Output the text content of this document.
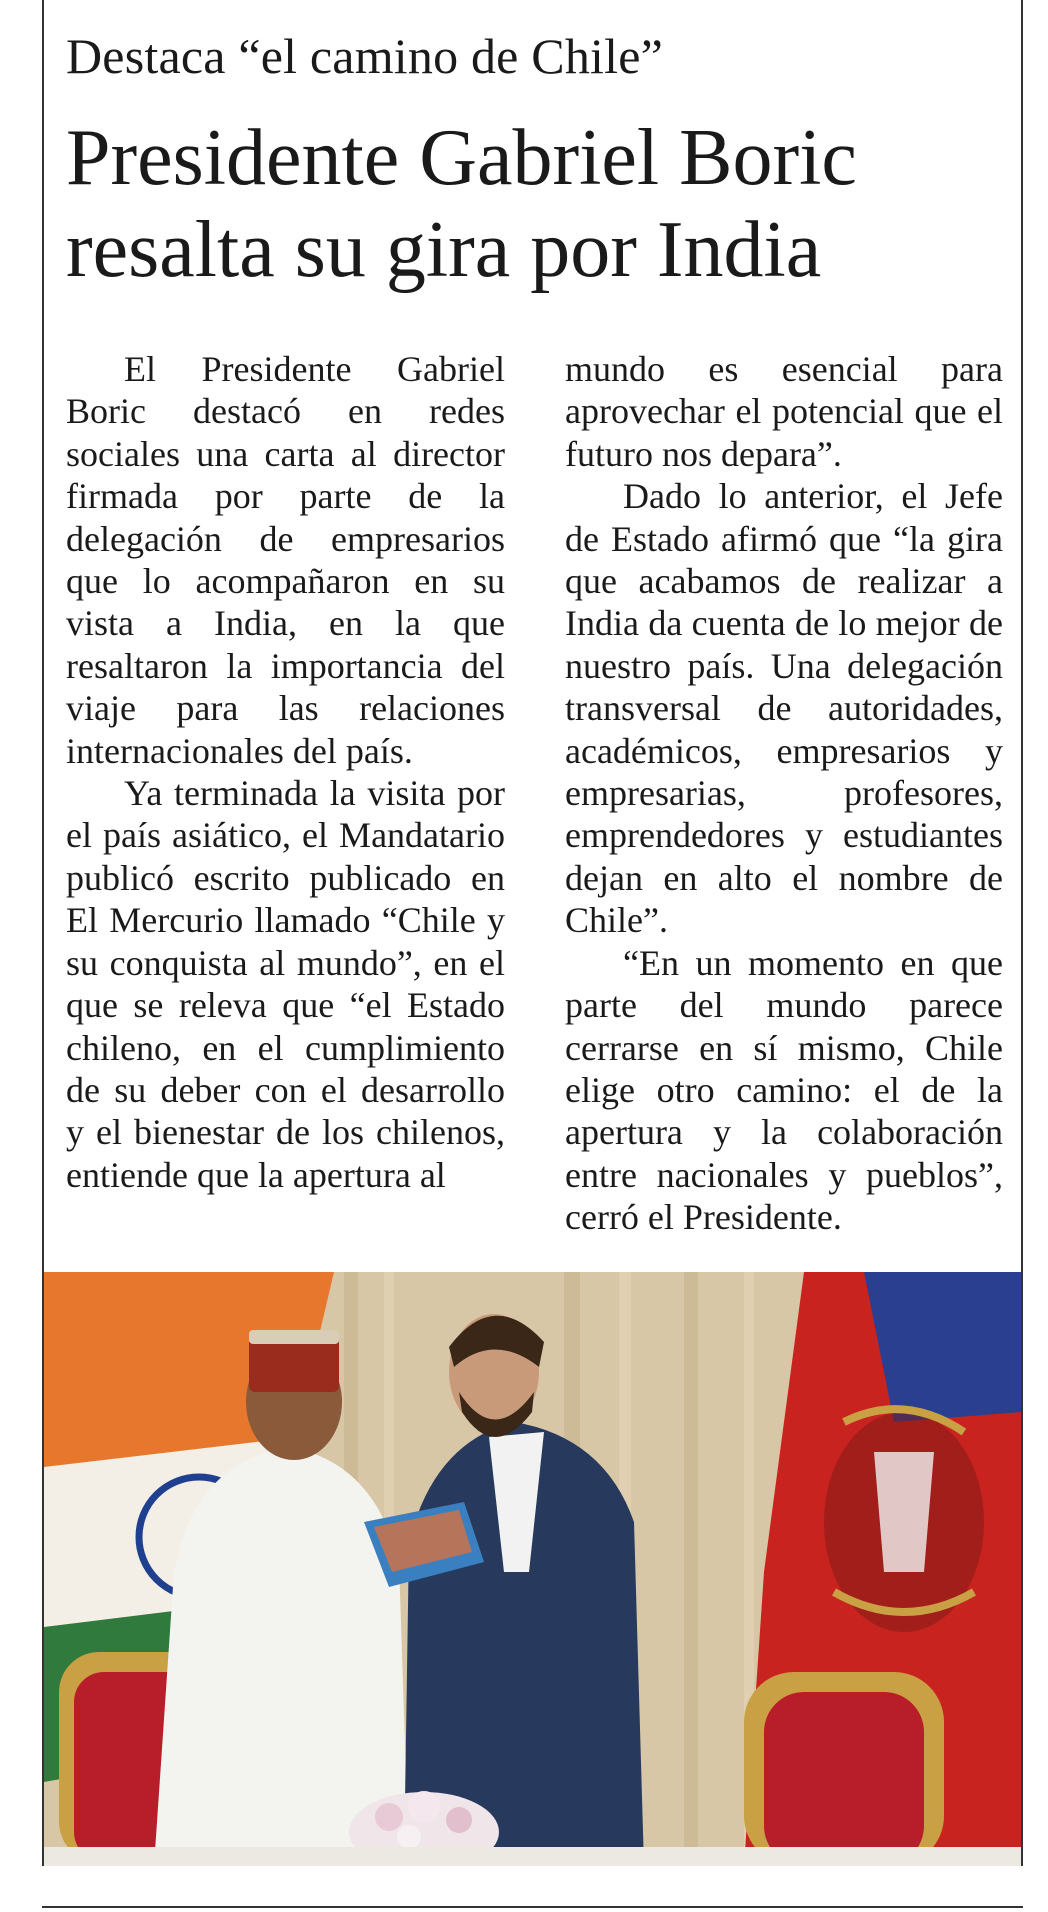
Destaca “el camino de Chile”
Presidente Gabriel Boric
resalta su gira por India

El Presidente Gabriel Boric destacó en redes sociales una carta al director firmada por parte de la delegación de empresarios que lo acompañaron en su vista a India, en la que resaltaron la importancia del viaje para las relaciones internacionales del país.

Ya terminada la visita por el país asiático, el Mandatario publicó escrito publicado en El Mercurio llamado “Chile y su conquista al mundo”, en el que se releva que “el Estado chileno, en el cumplimiento de su deber con el desarrollo y el bienestar de los chilenos, entiende que la apertura al

mundo es esencial para aprovechar el potencial que el futuro nos depara”.

Dado lo anterior, el Jefe de Estado afirmó que “la gira que acabamos de realizar a India da cuenta de lo mejor de nuestro país. Una delegación transversal de autoridades, académicos, empresarios y empresarias, profesores, emprendedores y estudiantes dejan en alto el nombre de Chile”.

“En un momento en que parte del mundo parece cerrarse en sí mismo, Chile elige otro camino: el de la apertura y la colaboración entre nacionales y pueblos”, cerró el Presidente.
